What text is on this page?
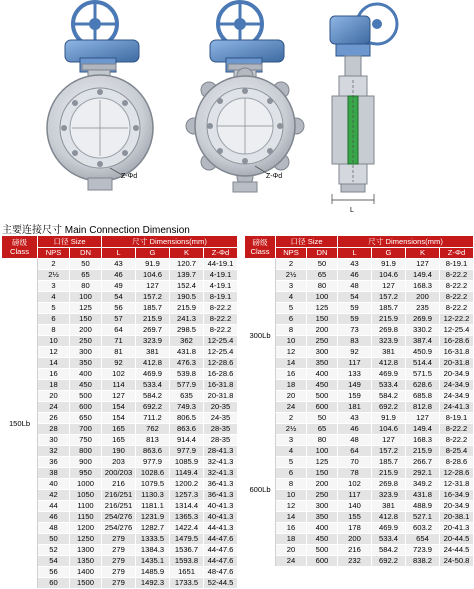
Z-Φd	Z-Φd
L
主要连接尺寸 Main Connection Dimension
磅级
Class	口径 Size		尺寸 Dimensions(mm)			
	NPS	DN	L	G	K	Z-Φd
150Lb	2	50	43	91.9	120.7	44-19.1
	2½	65	46	104.6	139.7	4-19.1
	3	80	49	127	152.4	4-19.1
	4	100	54	157.2	190.5	8-19.1
	5	125	56	185.7	215.9	8-22.2
	6	150	57	215.9	241.3	8-22.2
	8	200	64	269.7	298.5	8-22.2
	10	250	71	323.9	362	12-25.4
	12	300	81	381	431.8	12-25.4
	14	350	92	412.8	476.3	12-28.6
	16	400	102	469.9	539.8	16-28.6
	18	450	114	533.4	577.9	16-31.8
	20	500	127	584.2	635	20-31.8
	24	600	154	692.2	749.3	20-35
	26	650	154	711.2	806.5	24-35
	28	700	165	762	863.6	28-35
	30	750	165	813	914.4	28-35
	32	800	190	863.6	977.9	28-41.3
	36	900	203	977.9	1085.9	32-41.3
	38	950	200/203	1028.6	1149.4	32-41.3
	40	1000	216	1079.5	1200.2	36-41.3
	42	1050	216/251	1130.3	1257.3	36-41.3
	44	1100	216/251	1181.1	1314.4	40-41.3
	46	1150	254/276	1231.9	1365.3	40-41.3
	48	1200	254/276	1282.7	1422.4	44-41.3
	50	1250	279	1333.5	1479.5	44-47.6
	52	1300	279	1384.3	1536.7	44-47.6
	54	1350	279	1435.1	1593.8	44-47.6
	56	1400	279	1485.9	1651	48-47.6
	60	1500	279	1492.3	1733.5	52-44.5
磅级
Class	口径 Size		尺寸 Dimensions(mm)			
	NPS	DN	L	G	K	Z-Φd
300Lb	2	50	43	91.9	127	8-19.1
	2½	65	46	104.6	149.4	8-22.2
	3	80	48	127	168.3	8-22.2
	4	100	54	157.2	200	8-22.2
	5	125	59	185.7	235	8-22.2
	6	150	59	215.9	269.9	12-22.2
	8	200	73	269.8	330.2	12-25.4
	10	250	83	323.9	387.4	16-28.6
	12	300	92	381	450.9	16-31.8
	14	350	117	412.8	514.4	20-31.8
	16	400	133	469.9	571.5	20-34.9
	18	450	149	533.4	628.6	24-34.9
	20	500	159	584.2	685.8	24-34.9
	24	600	181	692.2	812.8	24-41.3
600Lb	2	50	43	91.9	127	8-19.1
	2½	65	46	104.6	149.4	8-22.2
	3	80	48	127	168.3	8-22.2
	4	100	64	157.2	215.9	8-25.4
	5	125	70	185.7	266.7	8-28.6
	6	150	78	215.9	292.1	12-28.6
	8	200	102	269.8	349.2	12-31.8
	10	250	117	323.9	431.8	16-34.9
	12	300	140	381	488.9	20-34.9
	14	350	155	412.8	527.1	20-38.1
	16	400	178	469.9	603.2	20-41.3
	18	450	200	533.4	654	20-44.5
	20	500	216	584.2	723.9	24-44.5
	24	600	232	692.2	838.2	24-50.8
